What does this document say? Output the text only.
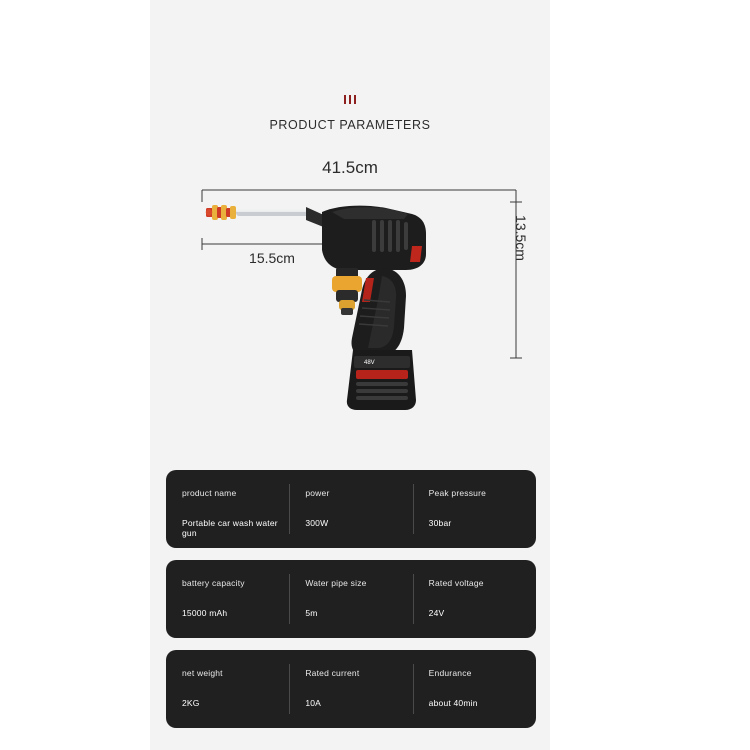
PRODUCT PARAMETERS
41.5cm
15.5cm	13.5cm
48V
product name
Portable car wash water gun
power
300W
Peak pressure
30bar
battery capacity
15000 mAh
Water pipe size
5m
Rated voltage
24V
net weight
2KG
Rated current
10A
Endurance
about 40min
